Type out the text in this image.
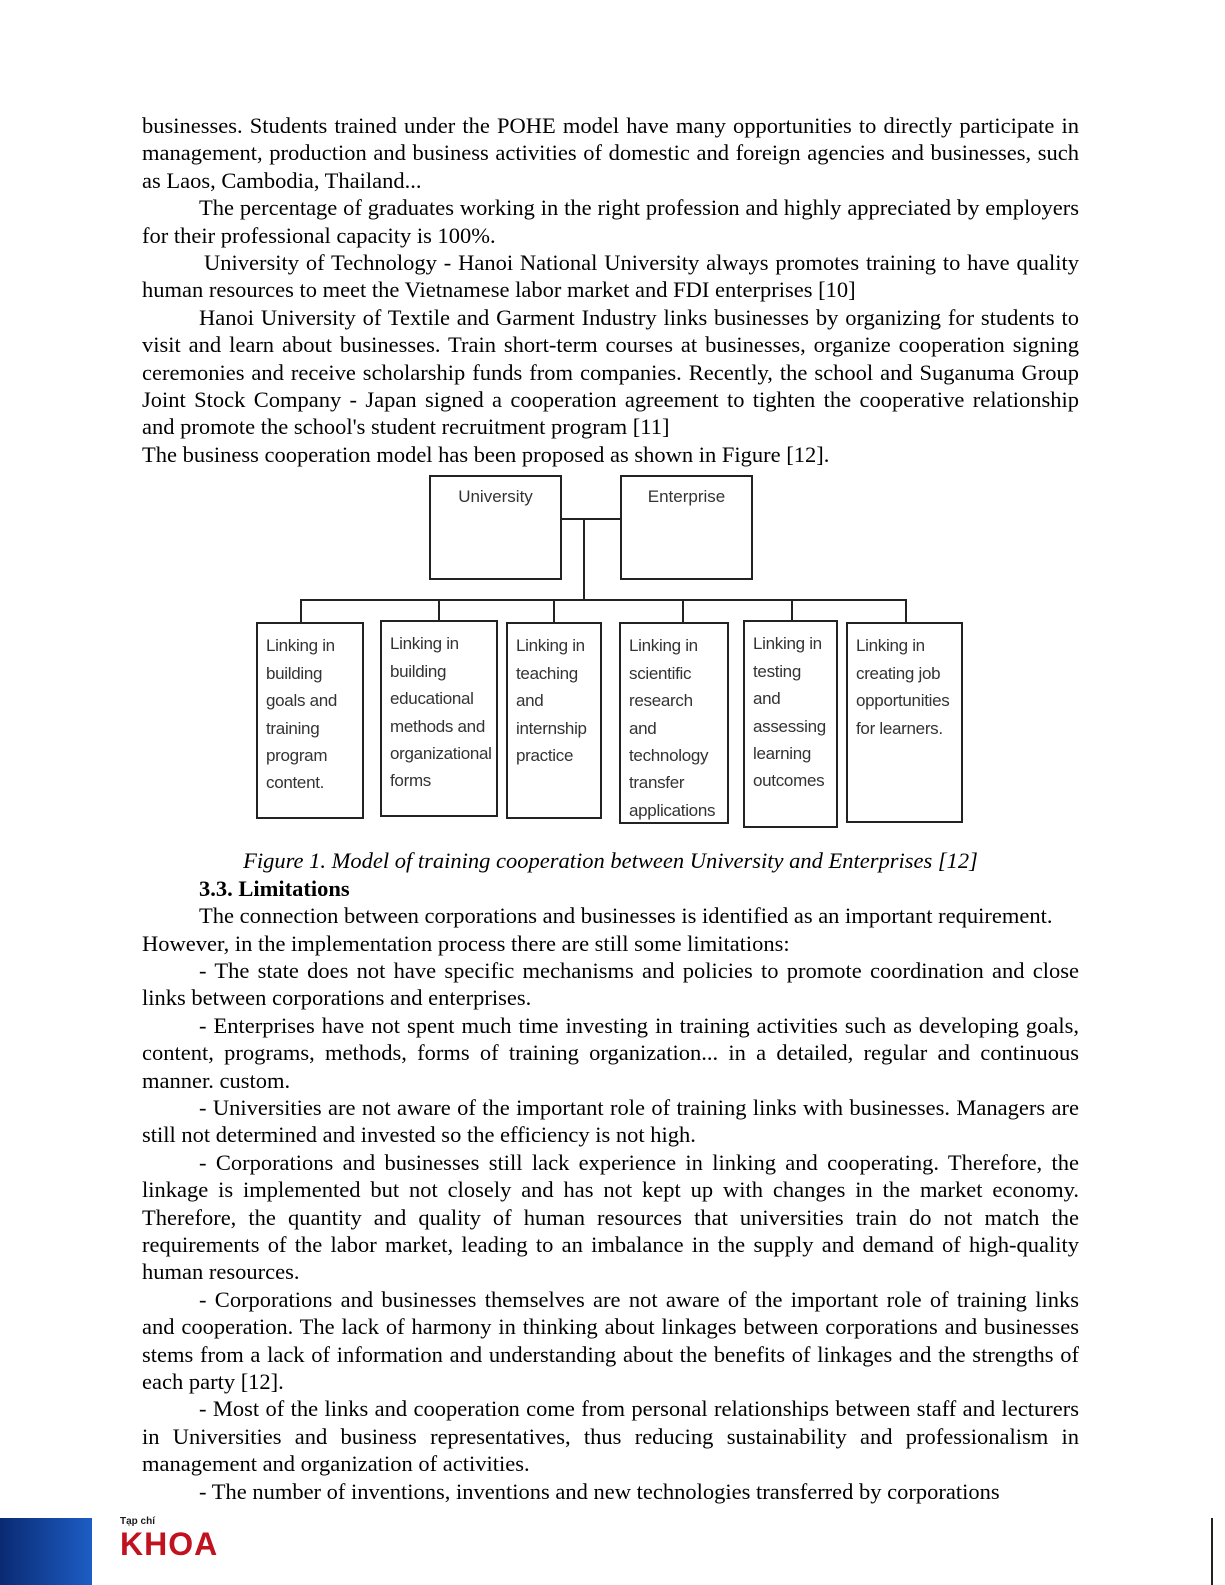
businesses. Students trained under the POHE model have many opportunities to directly participate in management, production and business activities of domestic and foreign agencies and businesses, such as Laos, Cambodia, Thailand...

The percentage of graduates working in the right profession and highly appreciated by employers for their professional capacity is 100%.

University of Technology - Hanoi National University always promotes training to have quality human resources to meet the Vietnamese labor market and FDI enterprises [10]

Hanoi University of Textile and Garment Industry links businesses by organizing for students to visit and learn about businesses. Train short-term courses at businesses, organize cooperation signing ceremonies and receive scholarship funds from companies. Recently, the school and Suganuma Group Joint Stock Company - Japan signed a cooperation agreement to tighten the cooperative relationship and promote the school's student recruitment program [11]

The business cooperation model has been proposed as shown in Figure [12].

University	Enterprise
Linking in
building
goals and
training
program
content.
Linking in
building
educational
methods and
organizational
forms
Linking in
teaching
and
internship
practice
Linking in
scientific
research and
technology
transfer
applications
Linking in
testing
and
assessing
learning
outcomes
Linking in
creating job
opportunities
for learners.
Figure 1. Model of training cooperation between University and Enterprises [12]
3.3. Limitations

The connection between corporations and businesses is identified as an important requirement. However, in the implementation process there are still some limitations:

- The state does not have specific mechanisms and policies to promote coordination and close links between corporations and enterprises.

- Enterprises have not spent much time investing in training activities such as developing goals, content, programs, methods, forms of training organization... in a detailed, regular and continuous manner. custom.

- Universities are not aware of the important role of training links with businesses. Managers are still not determined and invested so the efficiency is not high.

- Corporations and businesses still lack experience in linking and cooperating. Therefore, the linkage is implemented but not closely and has not kept up with changes in the market economy. Therefore, the quantity and quality of human resources that universities train do not match the requirements of the labor market, leading to an imbalance in the supply and demand of high-quality human resources.

- Corporations and businesses themselves are not aware of the important role of training links and cooperation. The lack of harmony in thinking about linkages between corporations and businesses stems from a lack of information and understanding about the benefits of linkages and the strengths of each party [12].

- Most of the links and cooperation come from personal relationships between staff and lecturers in Universities and business representatives, thus reducing sustainability and professionalism in management and organization of activities.

- The number of inventions, inventions and new technologies transferred by corporations

Tạp chí
KHOA
